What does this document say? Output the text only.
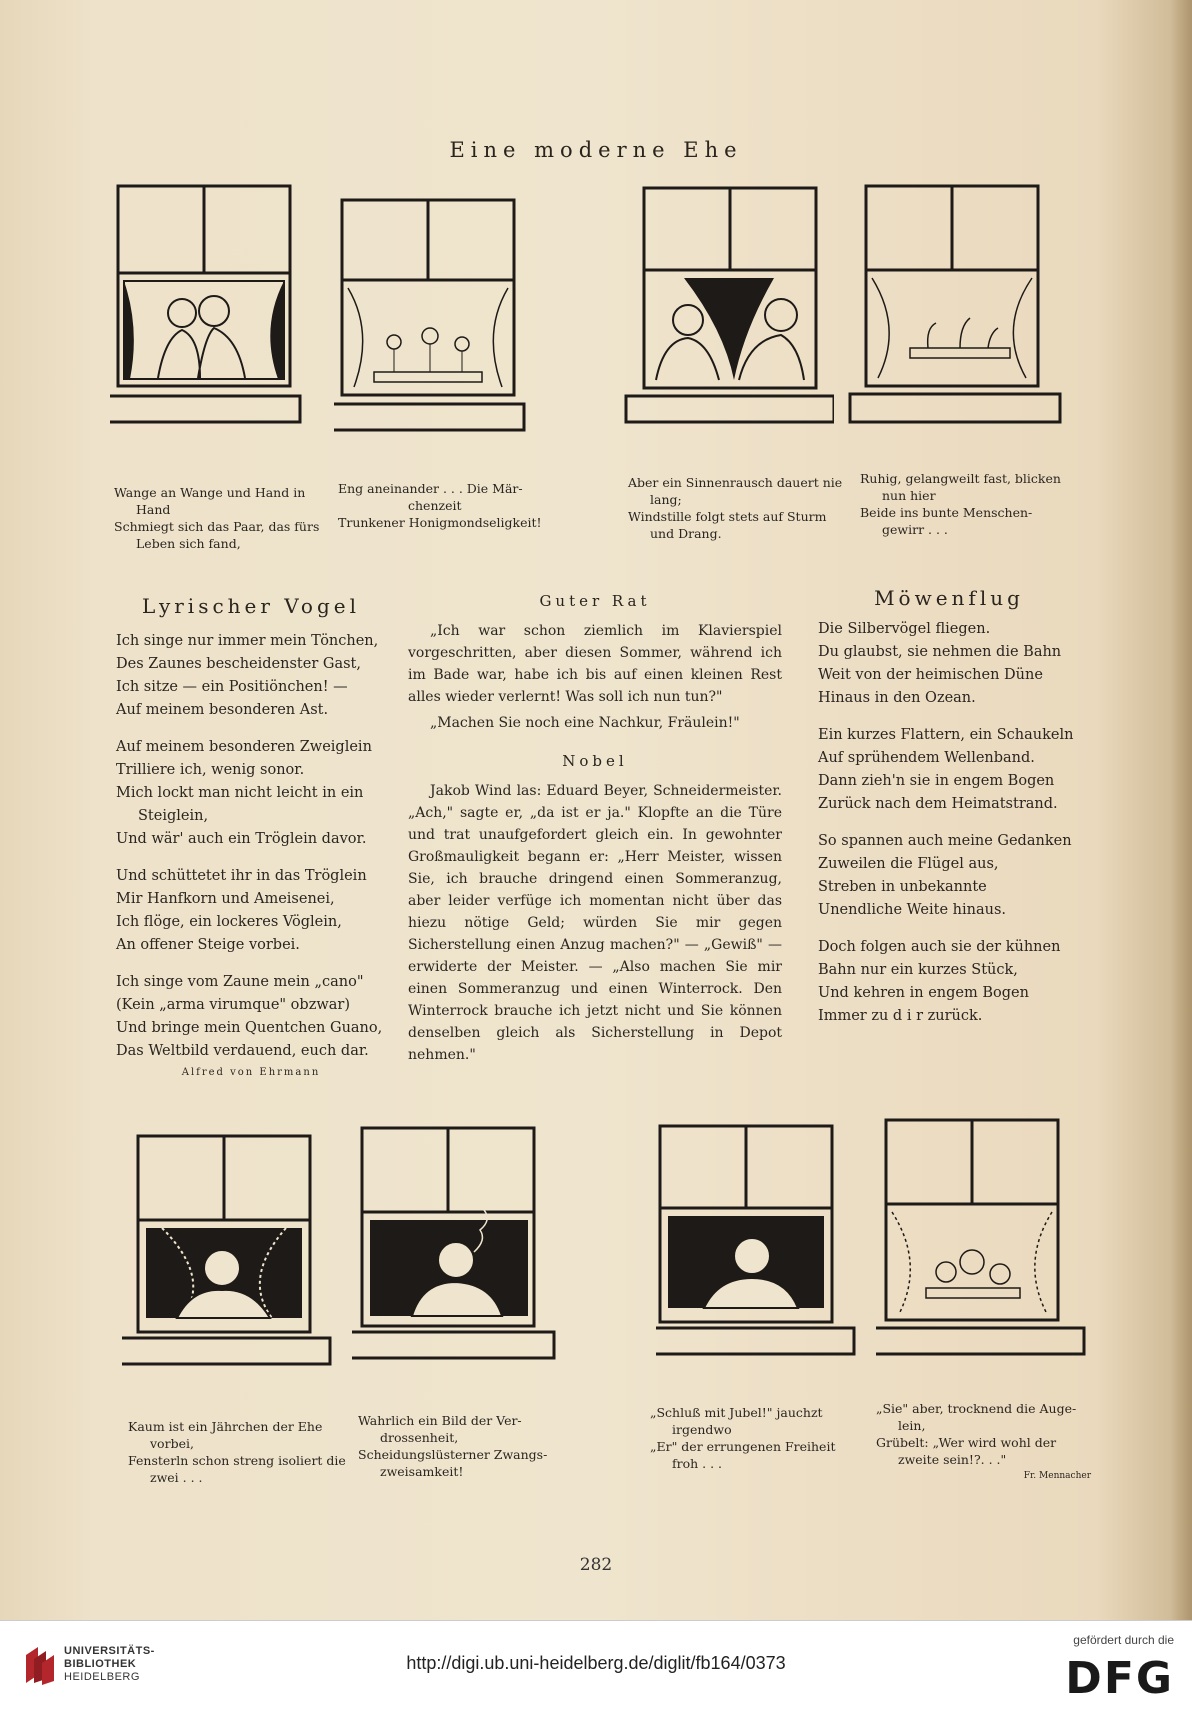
Eine moderne Ehe
Wange an Wange und Hand in
Hand
Schmiegt sich das Paar, das fürs
Leben sich fand,
Eng aneinander . . . Die Mär-
chenzeit
Trunkener Honigmondseligkeit!
Aber ein Sinnenrausch dauert nie
lang;
Windstille folgt stets auf Sturm
und Drang.
Ruhig, gelangweilt fast, blicken
nun hier
Beide ins bunte Menschen-
gewirr . . .
Lyrischer Vogel
Ich singe nur immer mein Tönchen,
Des Zaunes bescheidenster Gast,
Ich sitze — ein Positiönchen! —
Auf meinem besonderen Ast.
Auf meinem besonderen Zweiglein
Trilliere ich, wenig sonor.
Mich lockt man nicht leicht in ein
Steiglein,
Und wär' auch ein Tröglein davor.
Und schüttetet ihr in das Tröglein
Mir Hanfkorn und Ameisenei,
Ich flöge, ein lockeres Vöglein,
An offener Steige vorbei.
Ich singe vom Zaune mein „cano"
(Kein „arma virumque" obzwar)
Und bringe mein Quentchen Guano,
Das Weltbild verdauend, euch dar.
Alfred von Ehrmann
Guter Rat

„Ich war schon ziemlich im Klavierspiel vorgeschritten, aber diesen Sommer, während ich im Bade war, habe ich bis auf einen kleinen Rest alles wieder verlernt! Was soll ich nun tun?"

„Machen Sie noch eine Nachkur, Fräulein!"

Nobel

Jakob Wind las: Eduard Beyer, Schneidermeister. „Ach," sagte er, „da ist er ja." Klopfte an die Türe und trat unaufgefordert gleich ein. In gewohnter Großmauligkeit begann er: „Herr Meister, wissen Sie, ich brauche dringend einen Sommeranzug, aber leider verfüge ich momentan nicht über das hiezu nötige Geld; würden Sie mir gegen Sicherstellung einen Anzug machen?" — „Gewiß" — erwiderte der Meister. — „Also machen Sie mir einen Sommeranzug und einen Winterrock. Den Winterrock brauche ich jetzt nicht und Sie können denselben gleich als Sicherstellung in Depot nehmen."

Möwenflug
Die Silbervögel fliegen.
Du glaubst, sie nehmen die Bahn
Weit von der heimischen Düne
Hinaus in den Ozean.
Ein kurzes Flattern, ein Schaukeln
Auf sprühendem Wellenband.
Dann zieh'n sie in engem Bogen
Zurück nach dem Heimatstrand.
So spannen auch meine Gedanken
Zuweilen die Flügel aus,
Streben in unbekannte
Unendliche Weite hinaus.
Doch folgen auch sie der kühnen
Bahn nur ein kurzes Stück,
Und kehren in engem Bogen
Immer zu d i r zurück.
Kaum ist ein Jährchen der Ehe
vorbei,
Fensterln schon streng isoliert die
zwei . . .
Wahrlich ein Bild der Ver-
drossenheit,
Scheidungslüsterner Zwangs-
zweisamkeit!
„Schluß mit Jubel!" jauchzt
irgendwo
„Er" der errungenen Freiheit
froh . . .
„Sie" aber, trocknend die Auge-
lein,
Grübelt: „Wer wird wohl der
zweite sein!?. . ."
Fr. Mennacher
282
UNIVERSITÄTS-
BIBLIOTHEK
HEIDELBERG
http://digi.ub.uni-heidelberg.de/diglit/fb164/0373
gefördert durch die
DFG
